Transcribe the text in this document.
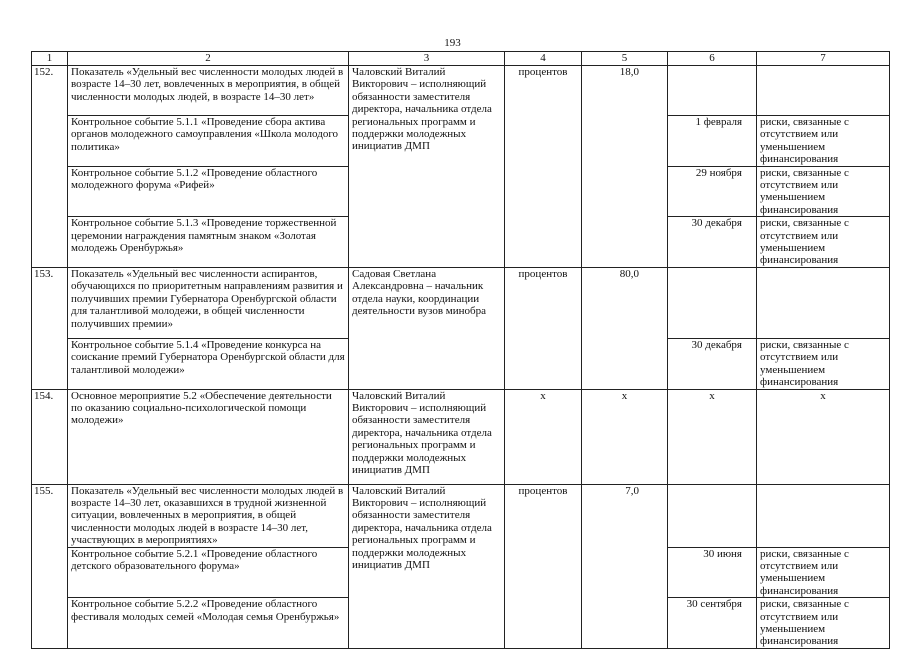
193
1	2	3	4	5	6	7
152.	Показатель «Удельный вес численности молодых людей в возрасте 14–30 лет, вовлеченных в мероприятия, в общей численности молодых людей, в возрасте 14–30 лет»	Чаловский Виталий Викторович – исполняющий обязанности заместителя директора, начальника отдела региональных программ и поддержки молодежных инициатив ДМП	процентов	18,0		
	Контрольное событие 5.1.1 «Проведение сбора актива органов молодежного самоуправления «Школа молодого политика»				1 февраля	риски, связанные с отсутствием или уменьшением финансирования
	Контрольное событие 5.1.2 «Проведение областного молодежного форума «Рифей»				29 ноября	риски, связанные с отсутствием или уменьшением финансирования
	Контрольное событие 5.1.3 «Проведение торжественной церемонии награждения памятным знаком «Золотая молодежь Оренбуржья»				30 декабря	риски, связанные с отсутствием или уменьшением финансирования
153.	Показатель «Удельный вес численности аспирантов, обучающихся по приоритетным направлениям развития и получивших премии Губернатора Оренбургской области для талантливой молодежи, в общей численности получивших премии»	Садовая Светлана Александровна – начальник отдела науки, координации деятельности вузов минобра	процентов	80,0		
	Контрольное событие 5.1.4 «Проведение конкурса на соискание премий Губернатора Оренбургской области для талантливой молодежи»				30 декабря	риски, связанные с отсутствием или уменьшением финансирования
154.	Основное мероприятие 5.2 «Обеспечение деятельности по оказанию социально-психологической помощи молодежи»	Чаловский Виталий Викторович – исполняющий обязанности заместителя директора, начальника отдела региональных программ и поддержки молодежных инициатив ДМП	х	х	х	х
155.	Показатель «Удельный вес численности молодых людей в возрасте 14–30 лет, оказавшихся в трудной жизненной ситуации, вовлеченных в мероприятия, в общей численности молодых людей в возрасте 14–30 лет, участвующих в мероприятиях»	Чаловский Виталий Викторович – исполняющий обязанности заместителя директора, начальника отдела региональных программ и поддержки молодежных инициатив ДМП	процентов	7,0		
	Контрольное событие 5.2.1 «Проведение областного детского образовательного форума»				30 июня	риски, связанные с отсутствием или уменьшением финансирования
	Контрольное событие 5.2.2 «Проведение областного фестиваля молодых семей «Молодая семья Оренбуржья»				30 сентября	риски, связанные с отсутствием или уменьшением финансирования
